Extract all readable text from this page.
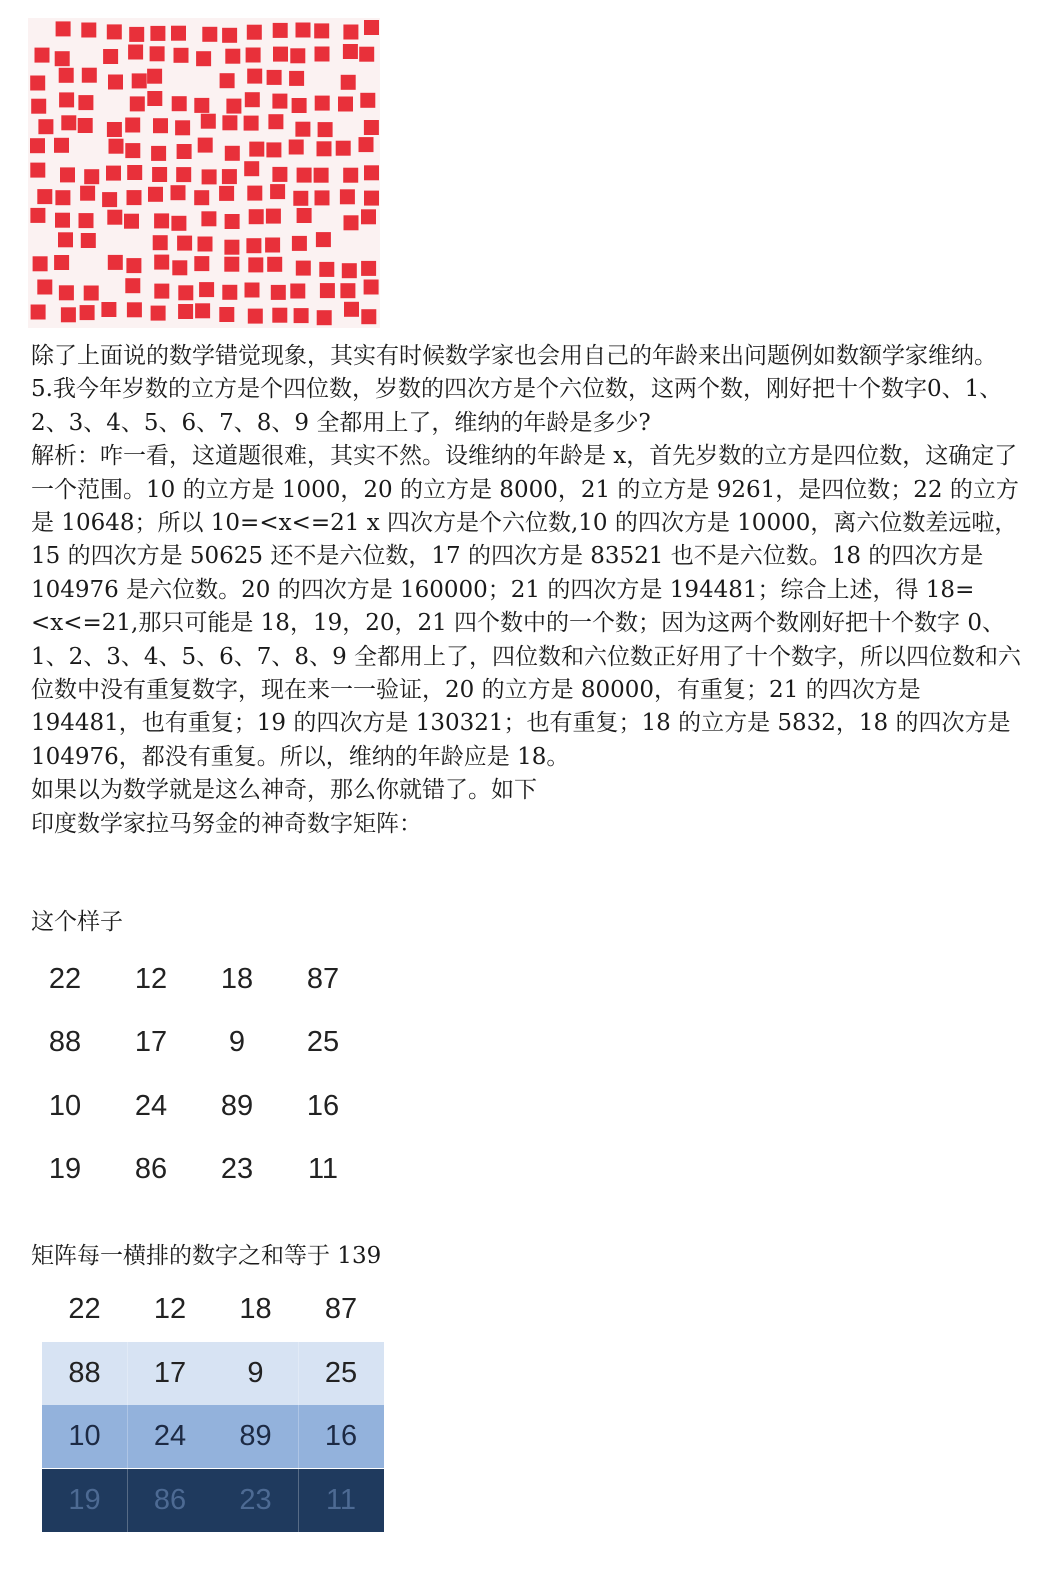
除了上面说的数学错觉现象，其实有时候数学家也会用自己的年龄来出问题例如数额学家维纳。

5.我今年岁数的立方是个四位数，岁数的四次方是个六位数，这两个数，刚好把十个数字0、1、2、3、4、5、6、7、8、9 全都用上了，维纳的年龄是多少?

解析：咋一看，这道题很难，其实不然。设维纳的年龄是 x，首先岁数的立方是四位数，这确定了一个范围。10 的立方是 1000，20 的立方是 8000，21 的立方是 9261，是四位数；22 的立方是 10648；所以 10=<x<=21 x 四次方是个六位数,10 的四次方是 10000，离六位数差远啦，15 的四次方是 50625 还不是六位数，17 的四次方是 83521 也不是六位数。18 的四次方是 104976 是六位数。20 的四次方是 160000；21 的四次方是 194481；综合上述，得 18=<x<=21,那只可能是 18，19，20，21 四个数中的一个数；因为这两个数刚好把十个数字 0、1、2、3、4、5、6、7、8、9 全都用上了，四位数和六位数正好用了十个数字，所以四位数和六位数中没有重复数字，现在来一一验证，20 的立方是 80000，有重复；21 的四次方是 194481，也有重复；19 的四次方是 130321；也有重复；18 的立方是 5832，18 的四次方是 104976，都没有重复。所以，维纳的年龄应是 18。

如果以为数学就是这么神奇，那么你就错了。如下

印度数学家拉马努金的神奇数字矩阵：

这个样子

22	12	18	87
88	17	9	25
10	24	89	16
19	86	23	11

矩阵每一横排的数字之和等于 139

22	12	18	87
88	17	9	25
10	24	89	16
19	86	23	11
